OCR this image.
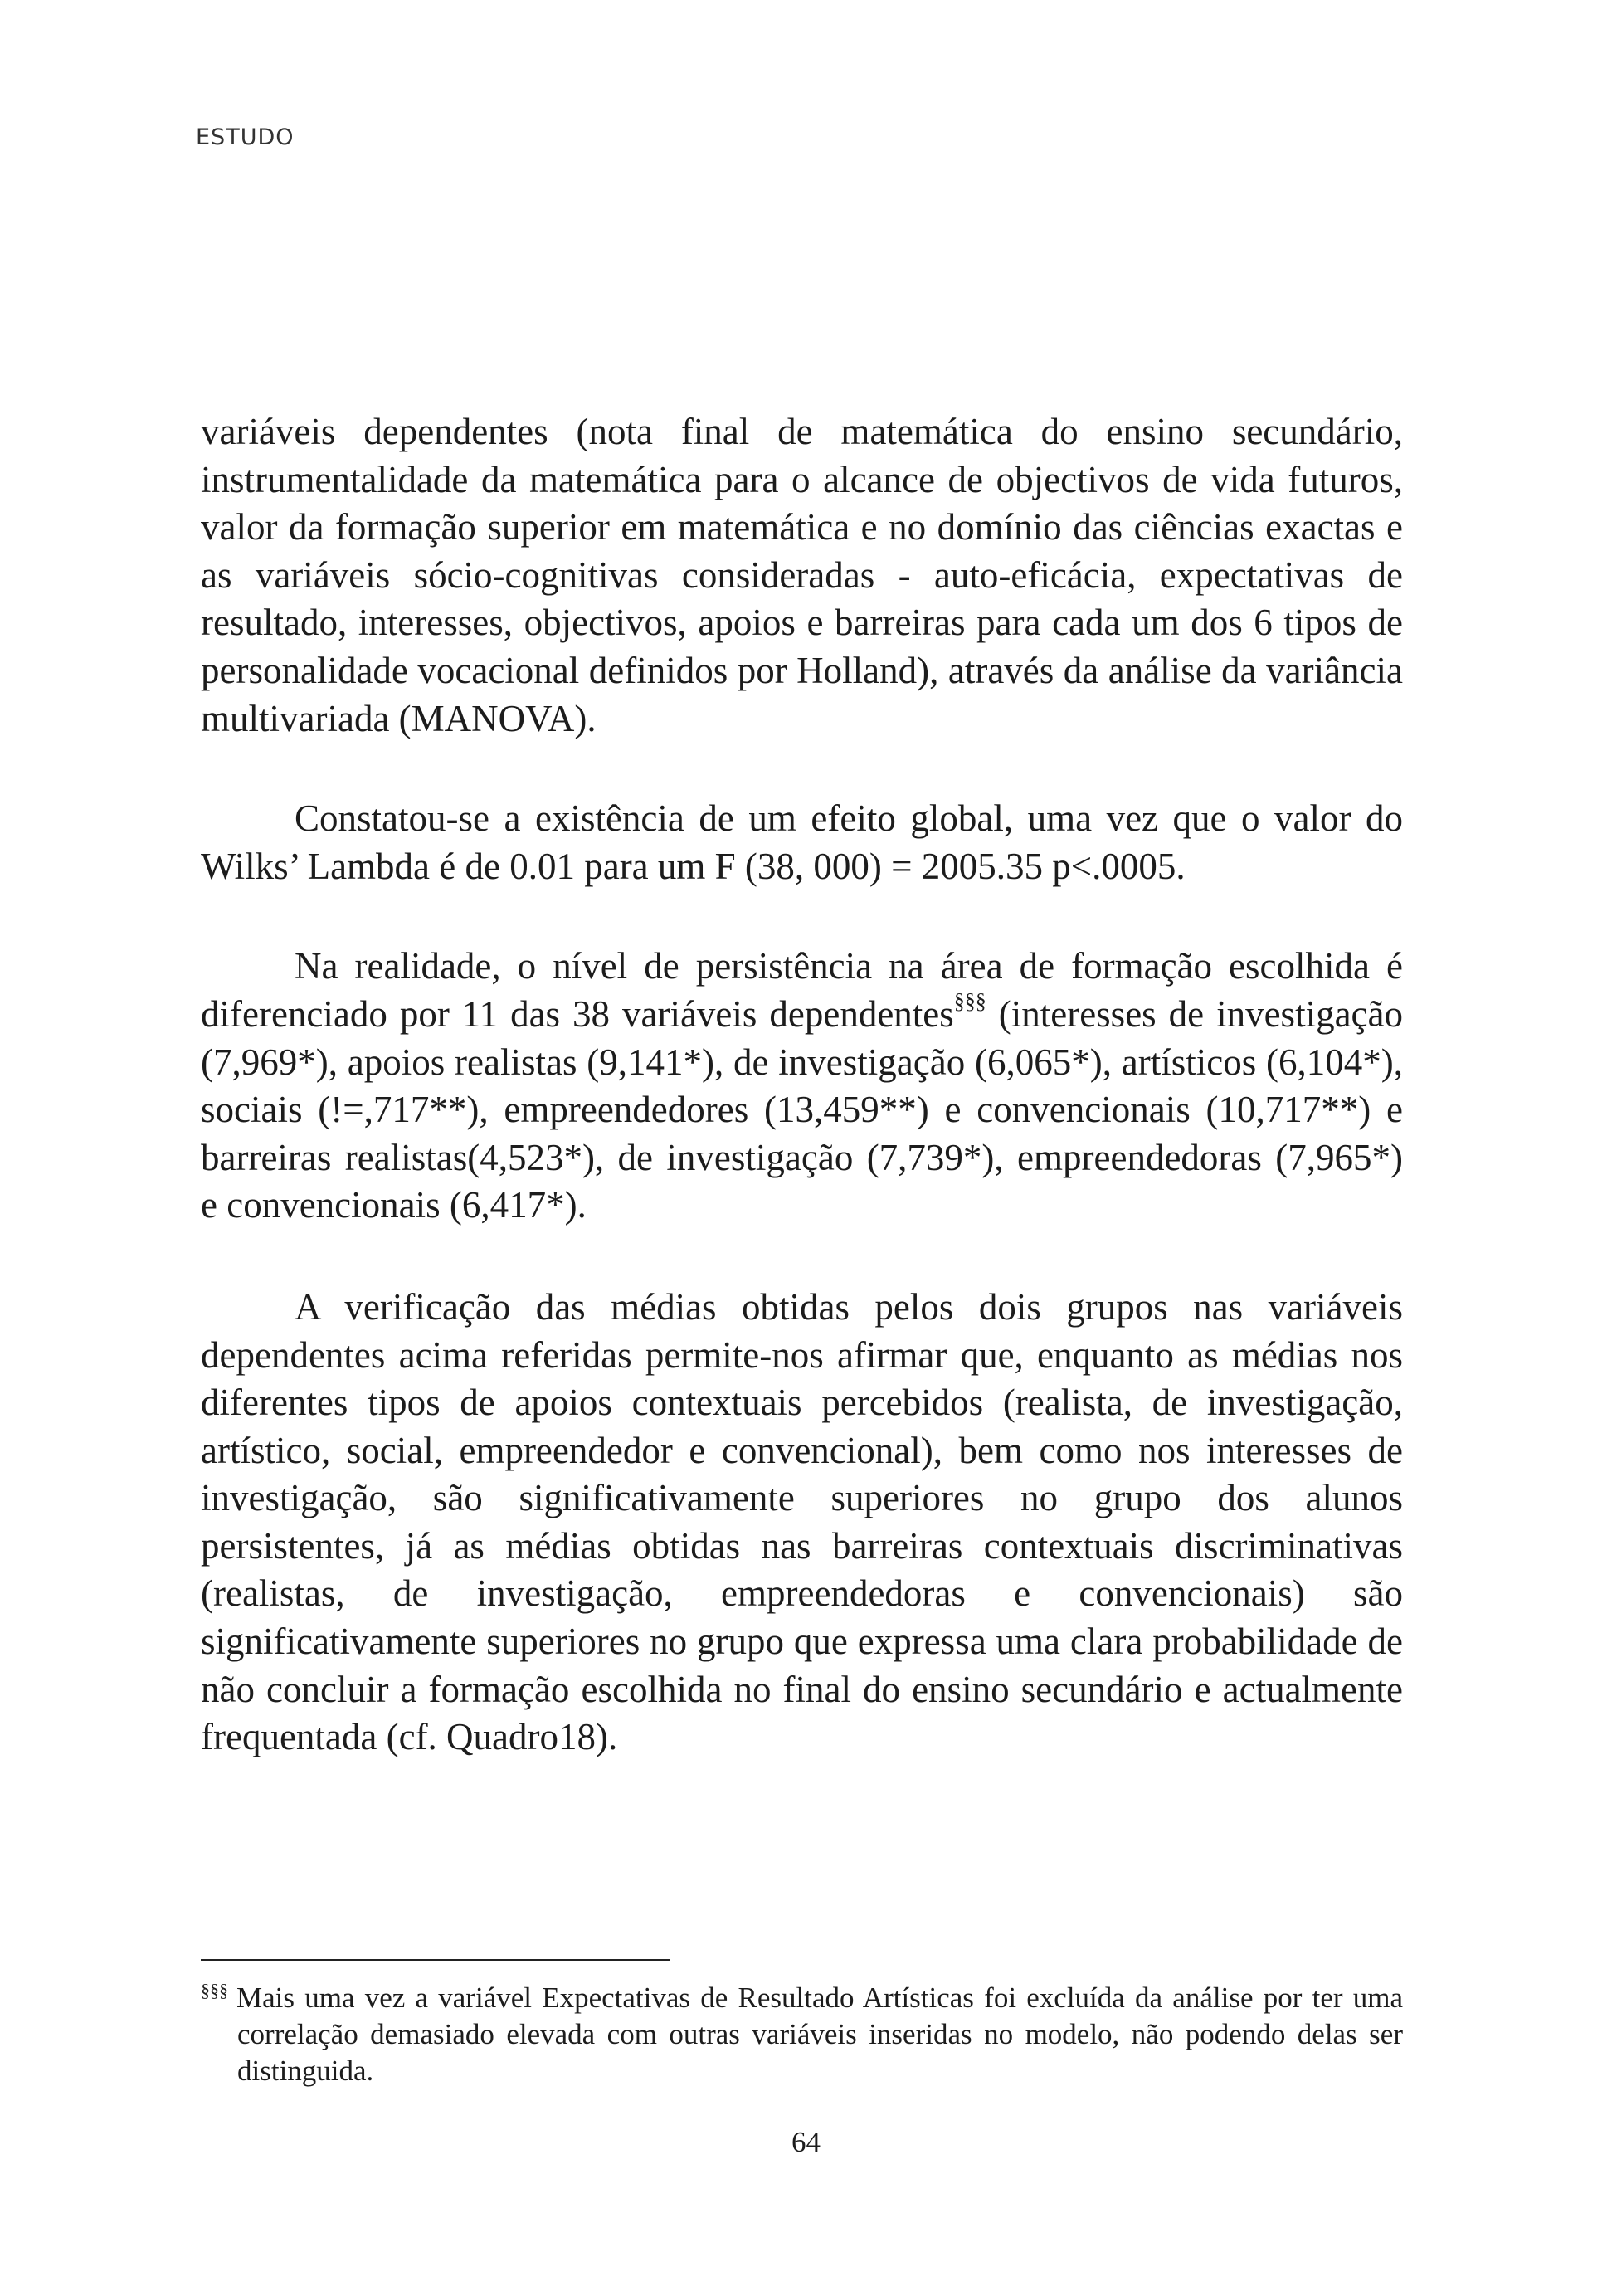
ESTUDO

variáveis dependentes (nota final de matemática do ensino secundário, instrumentalidade da matemática para o alcance de objectivos de vida futuros, valor da formação superior em matemática e no domínio das ciências exactas e as variáveis sócio-cognitivas consideradas - auto-eficácia, expectativas de resultado, interesses, objectivos, apoios e barreiras para cada um dos 6 tipos de personalidade vocacional definidos por Holland), através da análise da variância multivariada (MANOVA).

Constatou-se a existência de um efeito global, uma vez que o valor do Wilks’ Lambda é de 0.01 para um F (38, 000) = 2005.35 p<.0005.

Na realidade, o nível de persistência na área de formação escolhida é diferenciado por 11 das 38 variáveis dependentes§§§ (interesses de investigação (7,969*), apoios realistas (9,141*), de investigação (6,065*), artísticos (6,104*), sociais (!=,717**), empreendedores (13,459**) e convencionais (10,717**) e barreiras realistas(4,523*), de investigação (7,739*), empreendedoras (7,965*) e convencionais (6,417*).

A verificação das médias obtidas pelos dois grupos nas variáveis dependentes acima referidas permite-nos afirmar que, enquanto as médias nos diferentes tipos de apoios contextuais percebidos (realista, de investigação, artístico, social, empreendedor e convencional), bem como nos interesses de investigação, são significativamente superiores no grupo dos alunos persistentes, já as médias obtidas nas barreiras contextuais discriminativas (realistas, de investigação, empreendedoras e convencionais) são significativamente superiores no grupo que expressa uma clara probabilidade de não concluir a formação escolhida no final do ensino secundário e actualmente frequentada (cf. Quadro18).

§§§ Mais uma vez a variável Expectativas de Resultado Artísticas foi excluída da análise por ter uma correlação demasiado elevada com outras variáveis inseridas no modelo, não podendo delas ser distinguida.

64
